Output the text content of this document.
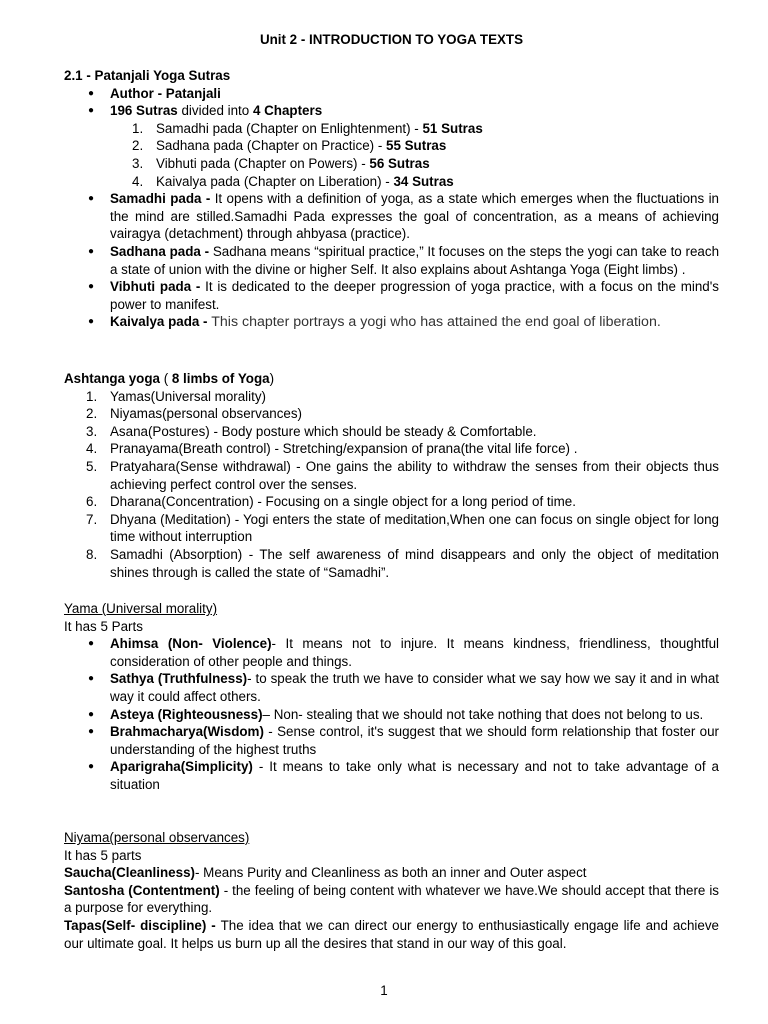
Unit 2 - INTRODUCTION TO YOGA TEXTS
2.1 - Patanjali Yoga Sutras
● Author - Patanjali
● 196 Sutras divided into 4 Chapters
1. Samadhi pada (Chapter on Enlightenment) - 51 Sutras
2. Sadhana pada (Chapter on Practice) - 55 Sutras
3. Vibhuti pada (Chapter on Powers) - 56 Sutras
4. Kaivalya pada (Chapter on Liberation) - 34 Sutras
● Samadhi pada - It opens with a definition of yoga, as a state which emerges when the fluctuations in the mind are stilled.Samadhi Pada expresses the goal of concentration, as a means of achieving vairagya (detachment) through ahbyasa (practice).
● Sadhana pada - Sadhana means “spiritual practice,” It focuses on the steps the yogi can take to reach a state of union with the divine or higher Self. It also explains about Ashtanga Yoga (Eight limbs) .
● Vibhuti pada - It is dedicated to the deeper progression of yoga practice, with a focus on the mind's power to manifest.
● Kaivalya pada - This chapter portrays a yogi who has attained the end goal of liberation.
Ashtanga yoga ( 8 limbs of Yoga)
1. Yamas(Universal morality)
2. Niyamas(personal observances)
3. Asana(Postures) - Body posture which should be steady & Comfortable.
4. Pranayama(Breath control) - Stretching/expansion of prana(the vital life force) .
5. Pratyahara(Sense withdrawal) - One gains the ability to withdraw the senses from their objects thus achieving perfect control over the senses.
6. Dharana(Concentration) - Focusing on a single object for a long period of time.
7. Dhyana (Meditation) - Yogi enters the state of meditation,When one can focus on single object for long time without interruption
8. Samadhi (Absorption) - The self awareness of mind disappears and only the object of meditation shines through is called the state of “Samadhi”.
Yama (Universal morality)
It has 5 Parts
● Ahimsa (Non- Violence)- It means not to injure. It means kindness, friendliness, thoughtful consideration of other people and things.
● Sathya (Truthfulness)- to speak the truth we have to consider what we say how we say it and in what way it could affect others.
● Asteya (Righteousness)– Non- stealing that we should not take nothing that does not belong to us.
● Brahmacharya(Wisdom) - Sense control, it's suggest that we should form relationship that foster our understanding of the highest truths
● Aparigraha(Simplicity) - It means to take only what is necessary and not to take advantage of a situation
Niyama(personal observances)
It has 5 parts
Saucha(Cleanliness)- Means Purity and Cleanliness as both an inner and Outer aspect
Santosha (Contentment) - the feeling of being content with whatever we have.We should accept that there is a purpose for everything.
Tapas(Self- discipline) - The idea that we can direct our energy to enthusiastically engage life and achieve our ultimate goal. It helps us burn up all the desires that stand in our way of this goal.
1
